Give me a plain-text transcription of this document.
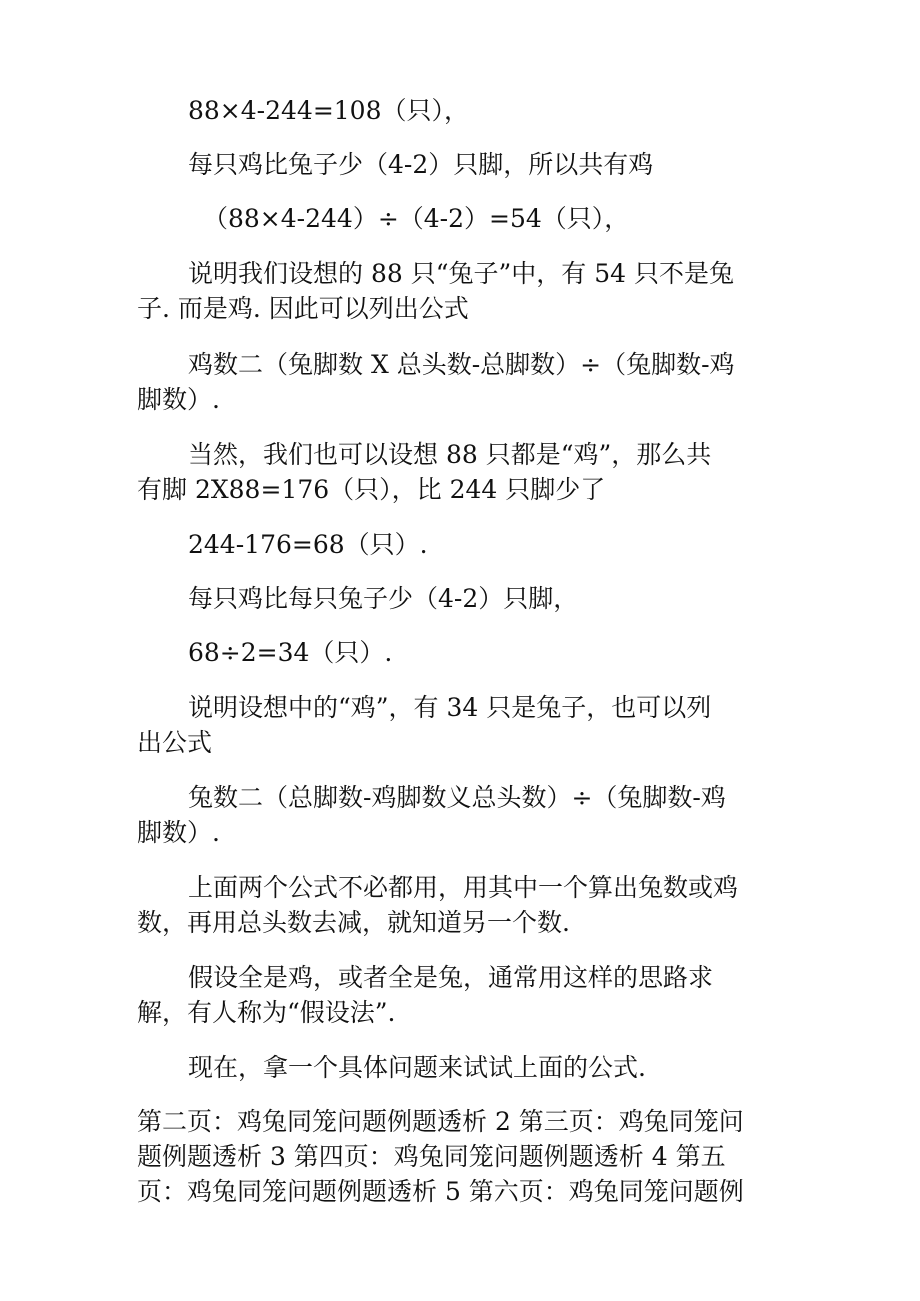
88×4-244=108（只），
每只鸡比兔子少（4-2）只脚，所以共有鸡
（88×4-244）÷（4-2）=54（只），
说明我们设想的 88 只“兔子”中，有 54 只不是兔
子. 而是鸡. 因此可以列出公式
鸡数二（兔脚数 X 总头数-总脚数）÷（兔脚数-鸡
脚数）.
当然，我们也可以设想 88 只都是“鸡”，那么共
有脚 2X88=176（只），比 244 只脚少了
244-176=68（只）.
每只鸡比每只兔子少（4-2）只脚，
68÷2=34（只）.
说明设想中的“鸡”，有 34 只是兔子，也可以列
出公式
兔数二（总脚数-鸡脚数义总头数）÷（兔脚数-鸡
脚数）.
上面两个公式不必都用，用其中一个算出兔数或鸡
数，再用总头数去减，就知道另一个数.
假设全是鸡，或者全是兔，通常用这样的思路求
解，有人称为“假设法”.
现在，拿一个具体问题来试试上面的公式.
第二页：鸡兔同笼问题例题透析 2 第三页：鸡兔同笼问
题例题透析 3 第四页：鸡兔同笼问题例题透析 4 第五
页：鸡兔同笼问题例题透析 5 第六页：鸡兔同笼问题例
